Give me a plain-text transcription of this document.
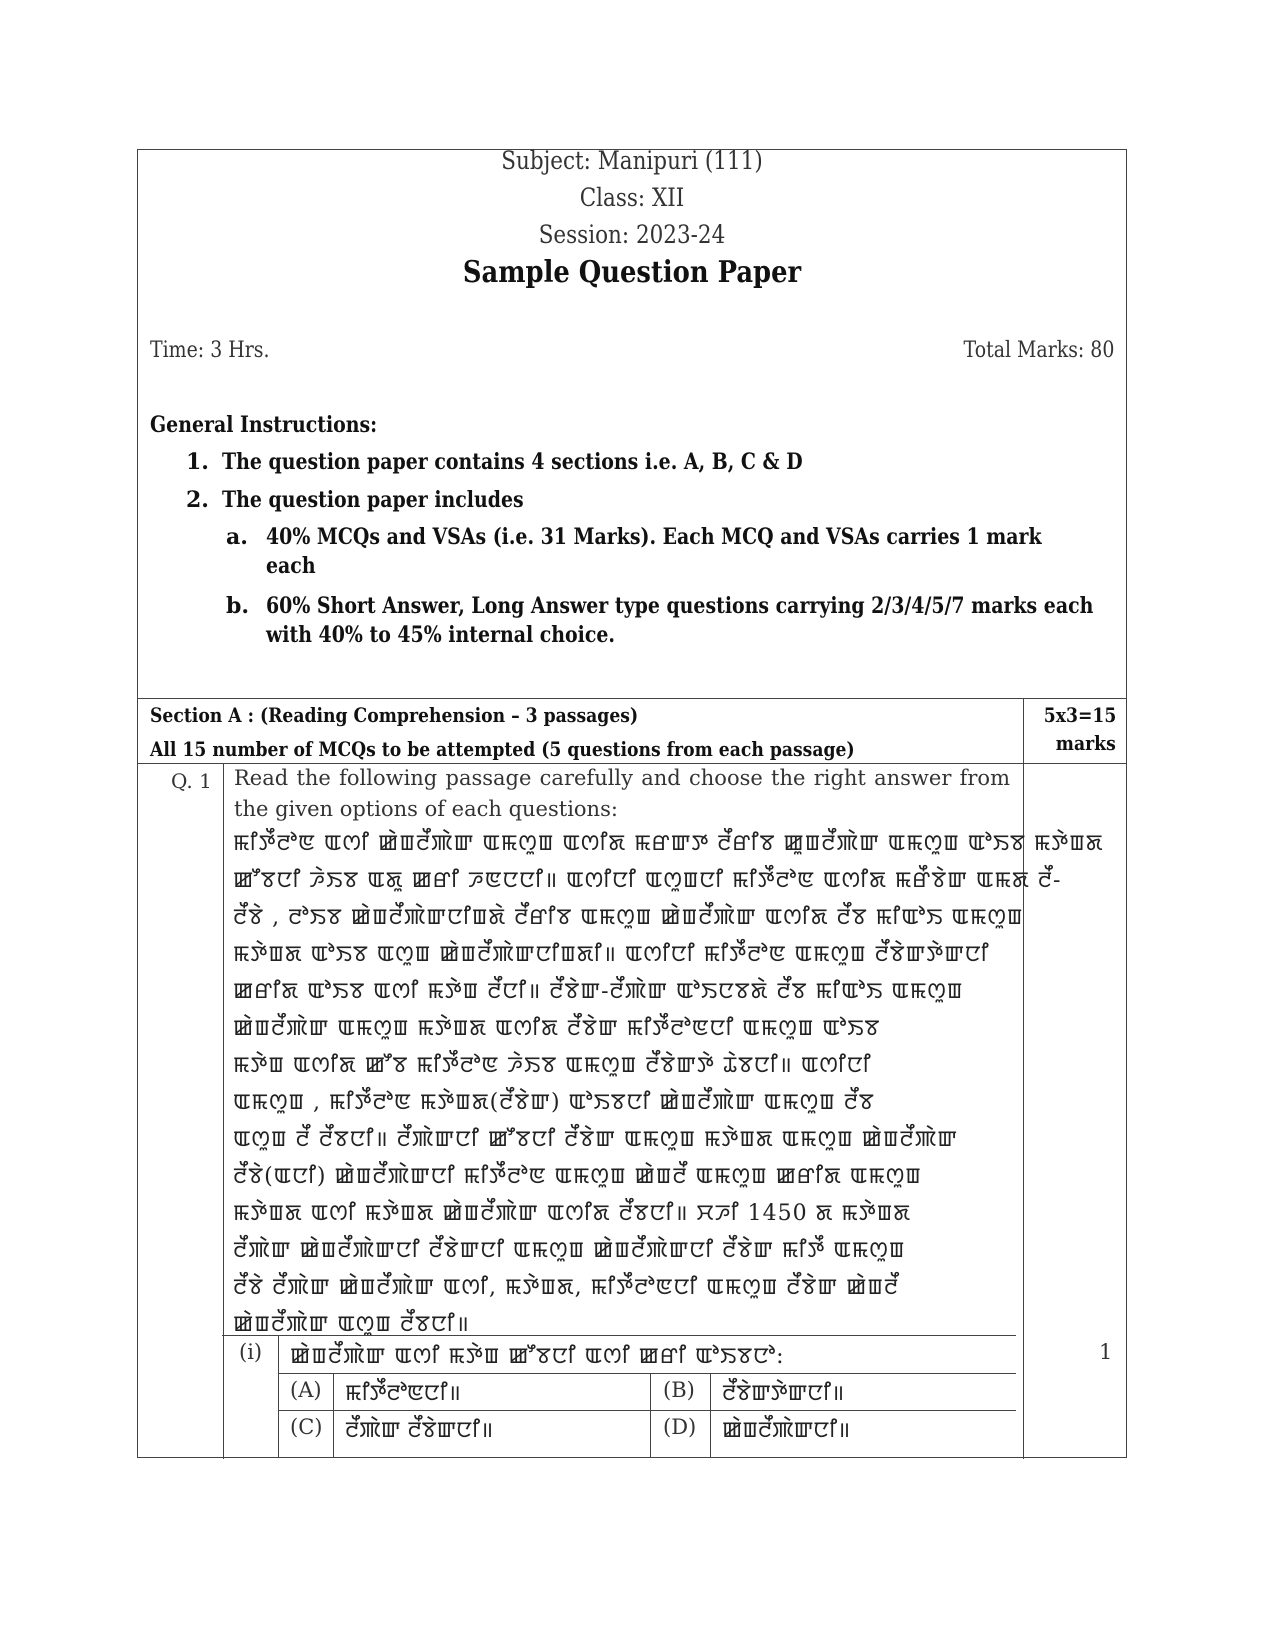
Subject: Manipuri (111)
Class: XII
Session: 2023-24
Sample Question Paper
Time: 3 Hrs.	Total Marks: 80
General Instructions:
1. The question paper contains 4 sections i.e. A, B, C & D
2. The question paper includes
a. 40% MCQs and VSAs (i.e. 31 Marks). Each MCQ and VSAs carries 1 mark
each
b. 60% Short Answer, Long Answer type questions carrying 2/3/4/5/7 marks each
with 40% to 45% internal choice.
Section A : (Reading Comprehension – 3 passages)
All 15 number of MCQs to be attempted (5 questions from each passage)
5x3=15
marks
Q. 1 Read the following passage carefully and choose the right answer from the given options of each questions:
ꯃꯤꯇꯩꯂꯣꯟ ꯑꯁꯤ ꯀꯥꯡꯂꯩꯄꯥꯛ ꯑꯃꯁꯨꯡ ꯑꯁꯤꯗ ꯃꯔꯛꯇ ꯂꯩꯔꯤꯕ ꯀꯨꯡꯂꯩꯄꯥꯛ ꯑꯃꯁꯨꯡ ꯑꯣꯏꯕ ꯃꯇꯥꯡꯗ
ꯀꯧꯕꯅꯤ ꯍꯥꯏꯕ ꯑꯗꯨ ꯀꯔꯤ ꯍꯟꯅꯅꯤ॥ ꯑꯁꯤꯅꯤ ꯑꯁꯨꯡꯅꯤ ꯃꯤꯇꯩꯂꯣꯟ ꯑꯁꯤꯗ ꯃꯔꯩꯕꯥꯛ ꯑꯃꯗ ꯂꯩ-
ꯂꯩꯕꯥ , ꯂꯣꯏꯕ ꯀꯥꯡꯂꯩꯄꯥꯛꯅꯤꯡꯗꯥ ꯂꯩꯔꯤꯕ ꯑꯃꯁꯨꯡ ꯀꯥꯡꯂꯩꯄꯥꯛ ꯑꯁꯤꯗ ꯂꯩꯕ ꯃꯤꯑꯣꯏ ꯑꯃꯁꯨꯡ
ꯃꯇꯥꯡꯗ ꯑꯣꯏꯕ ꯑꯁꯨꯡ ꯀꯥꯡꯂꯩꯄꯥꯛꯅꯤꯡꯗꯤ॥ ꯑꯁꯤꯅꯤ ꯃꯤꯇꯩꯂꯣꯟ ꯑꯃꯁꯨꯡ ꯂꯩꯕꯥꯛꯇꯥꯛꯅꯤ
ꯀꯔꯤꯗ ꯑꯣꯏꯕ ꯑꯁꯤ ꯃꯇꯥꯡ ꯂꯩꯅꯤ॥ ꯂꯩꯕꯥꯛ-ꯂꯩꯄꯥꯛ ꯑꯣꯏꯅꯕꯗꯥ ꯂꯩꯕ ꯃꯤꯑꯣꯏ ꯑꯃꯁꯨꯡ
ꯀꯥꯡꯂꯩꯄꯥꯛ ꯑꯃꯁꯨꯡ ꯃꯇꯥꯡꯗ ꯑꯁꯤꯗ ꯂꯩꯕꯥꯛ ꯃꯤꯇꯩꯂꯣꯟꯅꯤ ꯑꯃꯁꯨꯡ ꯑꯣꯏꯕ
ꯃꯇꯥꯡ ꯑꯁꯤꯗ ꯀꯧꯕ ꯃꯤꯇꯩꯂꯣꯟ ꯍꯥꯏꯕ ꯑꯃꯁꯨꯡ ꯂꯩꯕꯥꯛꯇꯥ ꯊꯥꯕꯅꯤ॥ ꯑꯁꯤꯅꯤ
ꯑꯃꯁꯨꯡ , ꯃꯤꯇꯩꯂꯣꯟ ꯃꯇꯥꯡꯗ(ꯂꯩꯕꯥꯛ) ꯑꯣꯏꯕꯅꯤ ꯀꯥꯡꯂꯩꯄꯥꯛ ꯑꯃꯁꯨꯡ ꯂꯩꯕ
ꯑꯁꯨꯡ ꯂꯩ ꯂꯩꯕꯅꯤ॥ ꯂꯩꯄꯥꯛꯅꯤ ꯀꯧꯕꯅꯤ ꯂꯩꯕꯥꯛ ꯑꯃꯁꯨꯡ ꯃꯇꯥꯡꯗ ꯑꯃꯁꯨꯡ ꯀꯥꯡꯂꯩꯄꯥꯛ
ꯂꯩꯕꯥ(ꯑꯅꯤ) ꯀꯥꯡꯂꯩꯄꯥꯛꯅꯤ ꯃꯤꯇꯩꯂꯣꯟ ꯑꯃꯁꯨꯡ ꯀꯥꯡꯂꯩ ꯑꯃꯁꯨꯡ ꯀꯔꯤꯗ ꯑꯃꯁꯨꯡ
ꯃꯇꯥꯡꯗ ꯑꯁꯤ ꯃꯇꯥꯡꯗ ꯀꯥꯡꯂꯩꯄꯥꯛ ꯑꯁꯤꯗ ꯂꯩꯕꯅꯤ॥ ꯆꯍꯤ 1450 ꯗ ꯃꯇꯥꯡꯗ
ꯂꯩꯄꯥꯛ ꯀꯥꯡꯂꯩꯄꯥꯛꯅꯤ ꯂꯩꯕꯥꯛꯅꯤ ꯑꯃꯁꯨꯡ ꯀꯥꯡꯂꯩꯄꯥꯛꯅꯤ ꯂꯩꯕꯥꯛ ꯃꯤꯇꯩ ꯑꯃꯁꯨꯡ
ꯂꯩꯕꯥ ꯂꯩꯄꯥꯛ ꯀꯥꯡꯂꯩꯄꯥꯛ ꯑꯁꯤ, ꯃꯇꯥꯡꯗ, ꯃꯤꯇꯩꯂꯣꯟꯅꯤ ꯑꯃꯁꯨꯡ ꯂꯩꯕꯥꯛ ꯀꯥꯡꯂꯩ
ꯀꯥꯡꯂꯩꯄꯥꯛ ꯑꯁꯨꯡ ꯂꯩꯕꯅꯤ॥
(i) ꯀꯥꯡꯂꯩꯄꯥꯛ ꯑꯁꯤ ꯃꯇꯥꯡ ꯀꯧꯕꯅꯤ ꯑꯁꯤ ꯀꯔꯤ ꯑꯣꯏꯕꯅꯣ:	1
(A) ꯃꯤꯇꯩꯂꯣꯟꯅꯤ॥	(B) ꯂꯩꯕꯥꯛꯇꯥꯛꯅꯤ॥
(C) ꯂꯩꯄꯥꯛ ꯂꯩꯕꯥꯛꯅꯤ॥	(D) ꯀꯥꯡꯂꯩꯄꯥꯛꯅꯤ॥
